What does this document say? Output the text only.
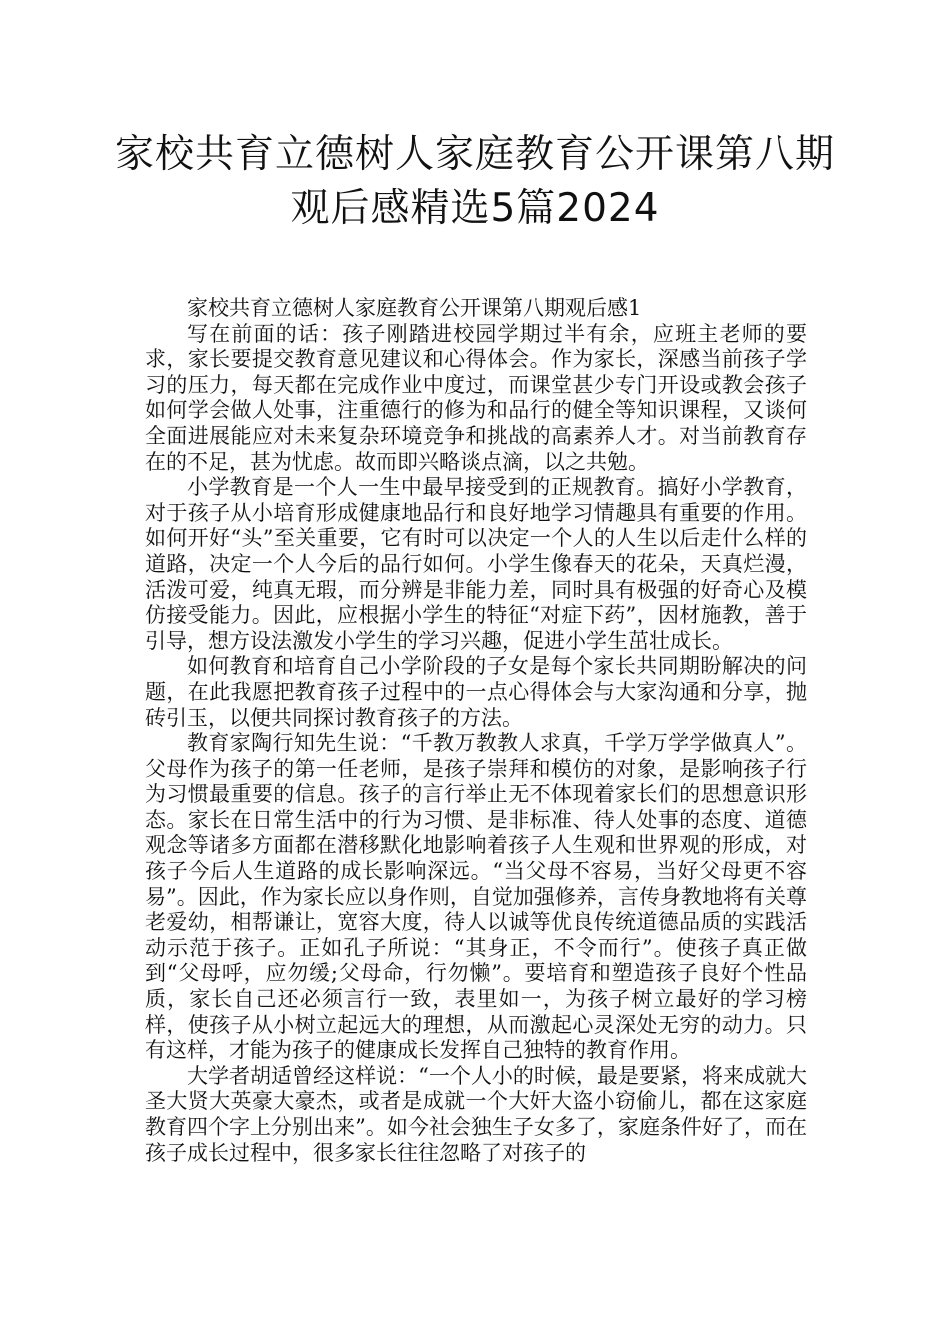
家校共育立德树人家庭教育公开课第八期观后感精选5篇2024
家校共育立德树人家庭教育公开课第八期观后感1

写在前面的话：孩子刚踏进校园学期过半有余，应班主老师的要求，家长要提交教育意见建议和心得体会。作为家长，深感当前孩子学习的压力，每天都在完成作业中度过，而课堂甚少专门开设或教会孩子如何学会做人处事，注重德行的修为和品行的健全等知识课程，又谈何全面进展能应对未来复杂环境竞争和挑战的高素养人才。对当前教育存在的不足，甚为忧虑。故而即兴略谈点滴，以之共勉。

小学教育是一个人一生中最早接受到的正规教育。搞好小学教育，对于孩子从小培育形成健康地品行和良好地学习情趣具有重要的作用。如何开好“头”至关重要，它有时可以决定一个人的人生以后走什么样的道路，决定一个人今后的品行如何。小学生像春天的花朵，天真烂漫，活泼可爱，纯真无瑕，而分辨是非能力差，同时具有极强的好奇心及模仿接受能力。因此，应根据小学生的特征“对症下药”，因材施教，善于引导，想方设法激发小学生的学习兴趣，促进小学生茁壮成长。

如何教育和培育自己小学阶段的子女是每个家长共同期盼解决的问题，在此我愿把教育孩子过程中的一点心得体会与大家沟通和分享，抛砖引玉，以便共同探讨教育孩子的方法。

教育家陶行知先生说：“千教万教教人求真，千学万学学做真人”。父母作为孩子的第一任老师，是孩子崇拜和模仿的对象，是影响孩子行为习惯最重要的信息。孩子的言行举止无不体现着家长们的思想意识形态。家长在日常生活中的行为习惯、是非标准、待人处事的态度、道德观念等诸多方面都在潜移默化地影响着孩子人生观和世界观的形成，对孩子今后人生道路的成长影响深远。“当父母不容易，当好父母更不容易”。因此，作为家长应以身作则，自觉加强修养，言传身教地将有关尊老爱幼，相帮谦让，宽容大度，待人以诚等优良传统道德品质的实践活动示范于孩子。正如孔子所说：“其身正，不令而行”。使孩子真正做到“父母呼，应勿缓;父母命，行勿懒”。要培育和塑造孩子良好个性品质，家长自己还必须言行一致，表里如一，为孩子树立最好的学习榜样，使孩子从小树立起远大的理想，从而激起心灵深处无穷的动力。只有这样，才能为孩子的健康成长发挥自己独特的教育作用。

大学者胡适曾经这样说：“一个人小的时候，最是要紧，将来成就大圣大贤大英豪大豪杰，或者是成就一个大奸大盗小窃偷儿，都在这家庭教育四个字上分别出来”。如今社会独生子女多了，家庭条件好了，而在孩子成长过程中，很多家长往往忽略了对孩子的
